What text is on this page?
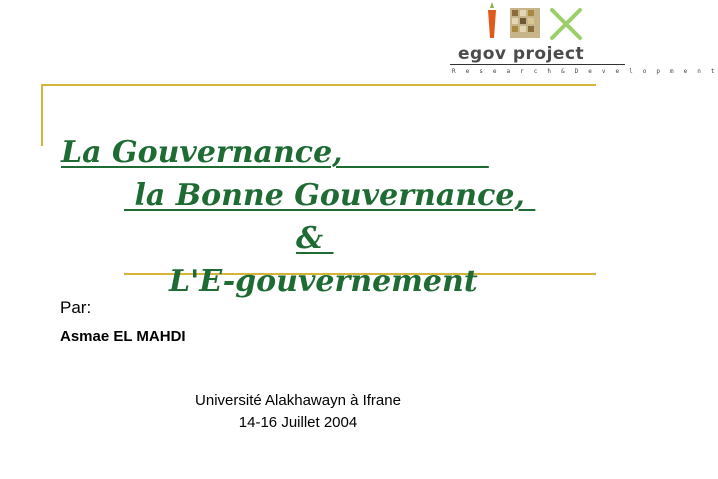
egov project
R e s e a r c h & D e v e l o p m e n t
La Gouvernance,
la Bonne Gouvernance,
&
L'E-gouvernement
Par:
Asmae EL MAHDI
Université Alakhawayn à Ifrane
14-16 Juillet 2004
